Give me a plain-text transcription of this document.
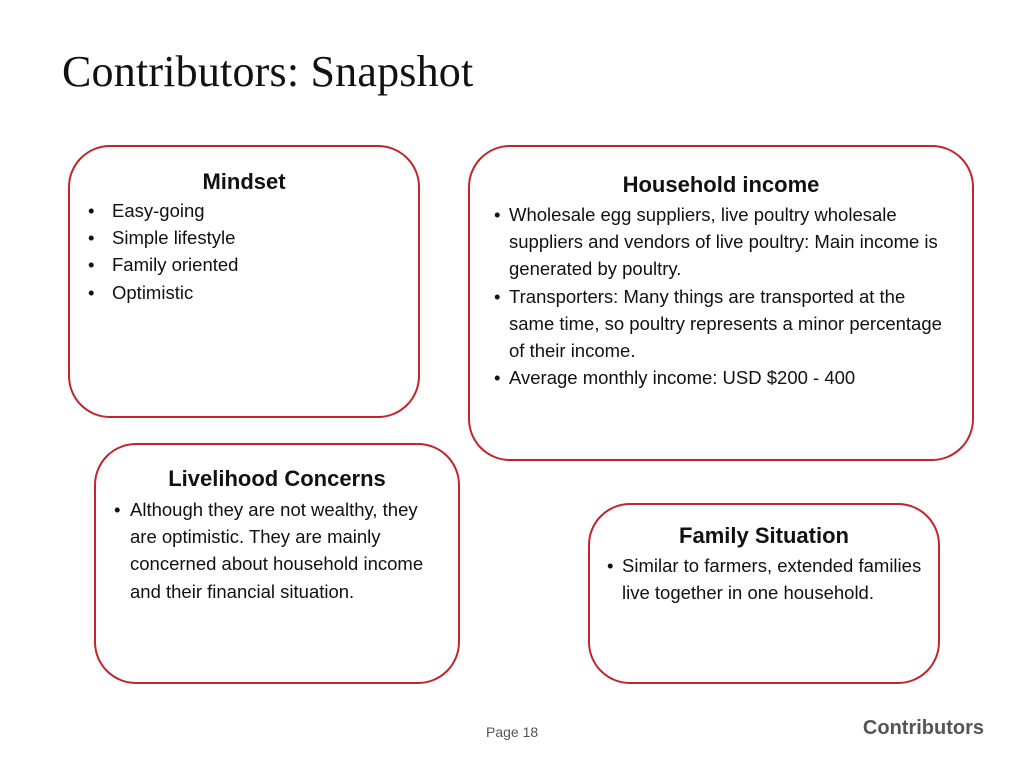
Contributors: Snapshot
Mindset
• Easy-going
• Simple lifestyle
• Family oriented
• Optimistic
Household income
• Wholesale egg suppliers, live poultry wholesale suppliers and vendors of live poultry: Main income is generated by poultry.
• Transporters: Many things are transported at the same time, so poultry represents a minor percentage of their income.
• Average monthly income: USD $200 - 400
Livelihood Concerns
• Although they are not wealthy, they are optimistic. They are mainly concerned about household income and their financial situation.
Family Situation
• Similar to farmers, extended families live together in one household.
Page 18	Contributors
